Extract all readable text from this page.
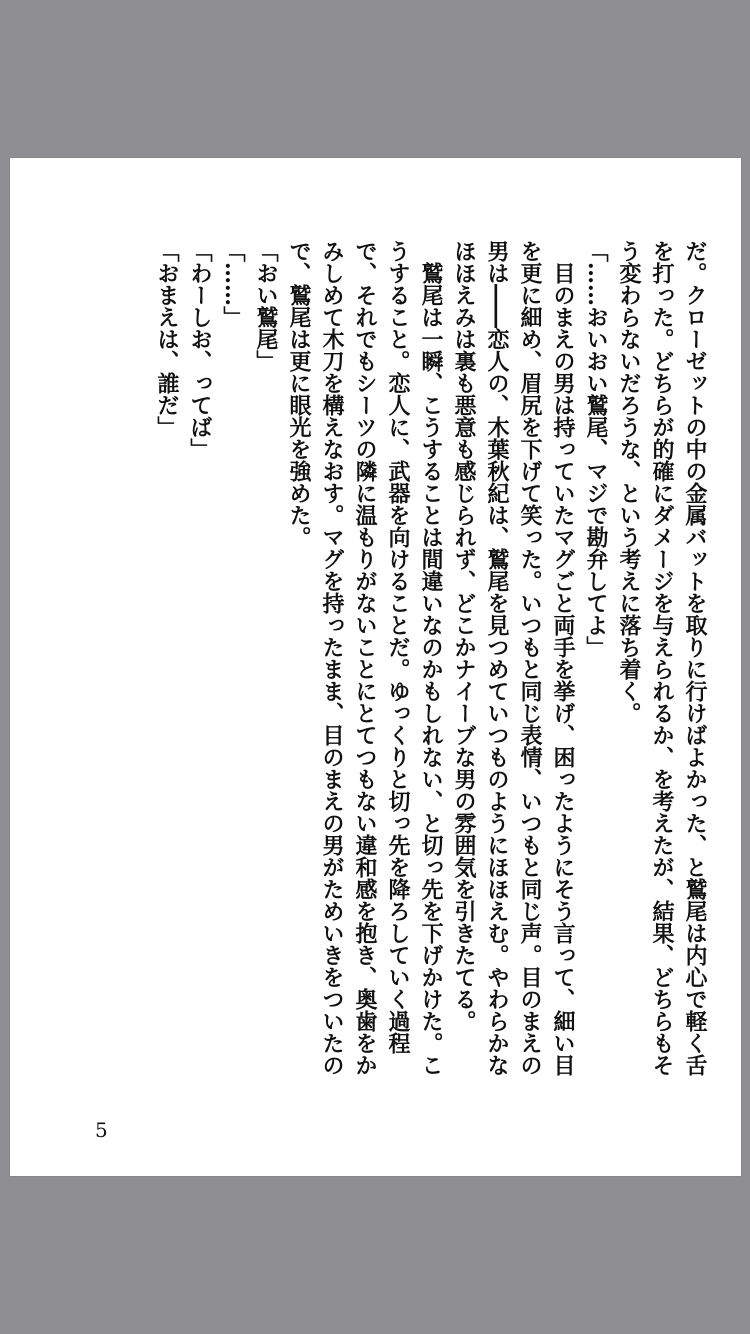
だ。クローゼットの中の金属バットを取りに行けばよかった、と鷲尾は内心で軽く舌を打った。どちらが的確にダメージを与えられるか、を考えたが、結果、どちらもそう変わらないだろうな、という考えに落ち着く。

「……おいおい鷲尾、マジで勘弁してよ」

　目のまえの男は持っていたマグごと両手を挙げ、困ったようにそう言って、細い目を更に細め、眉尻を下げて笑った。いつもと同じ表情、いつもと同じ声。目のまえの男は――恋人の、木葉秋紀は、鷲尾を見つめていつものようにほほえむ。やわらかなほほえみは裏も悪意も感じられず、どこかナイーブな男の雰囲気を引きたてる。

　鷲尾は一瞬、こうすることは間違いなのかもしれない、と切っ先を下げかけた。こうすること。恋人に、武器を向けることだ。ゆっくりと切っ先を降ろしていく過程で、それでもシーツの隣に温もりがないことにとてつもない違和感を抱き、奥歯をかみしめて木刀を構えなおす。マグを持ったまま、目のまえの男がためいきをついたので、鷲尾は更に眼光を強めた。

「おい鷲尾」

「……」

「わーしお、ってば」

「おまえは、誰だ」

5
